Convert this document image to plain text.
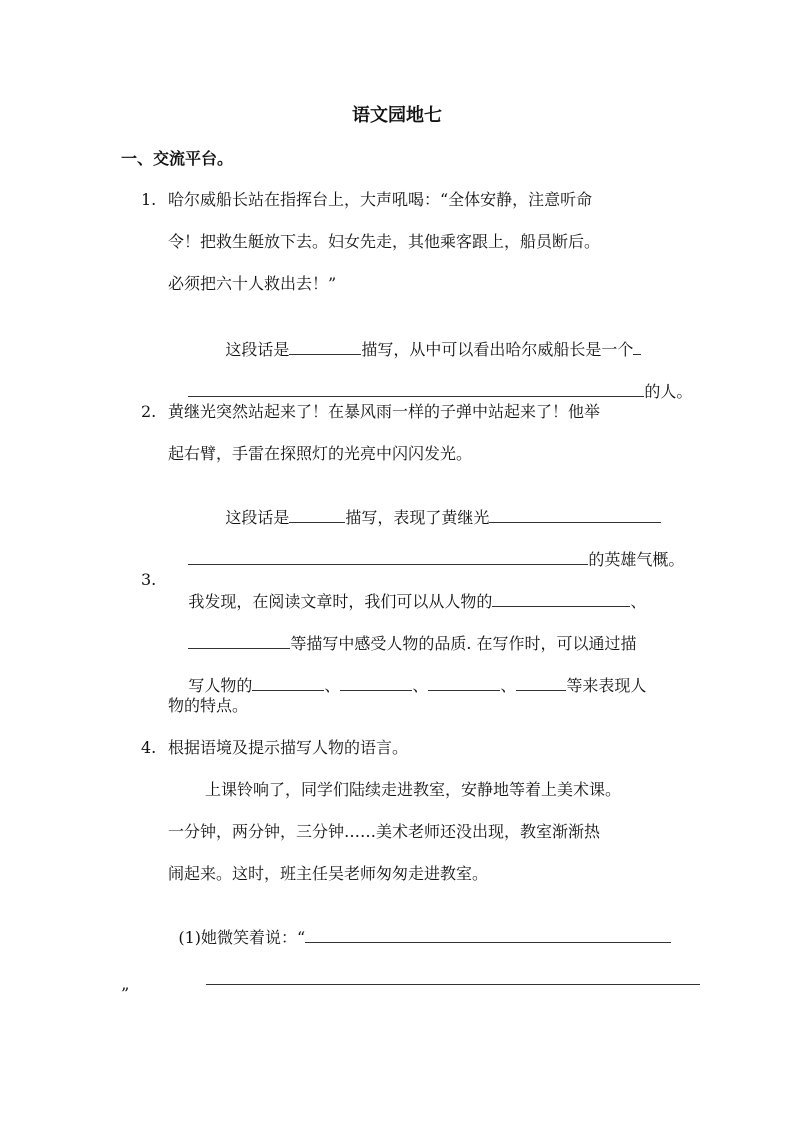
语文园地七
一、交流平台。
1. 哈尔威船长站在指挥台上，大声吼喝：“全体安静，注意听命
令！把救生艇放下去。妇女先走，其他乘客跟上，船员断后。
必须把六十人救出去！”

这段话是	描写，从中可以看出哈尔威船长是一个

的人。

2. 黄继光突然站起来了！在暴风雨一样的子弹中站起来了！他举
起右臂，手雷在探照灯的光亮中闪闪发光。

这段话是	描写，表现了黄继光

的英雄气概。

3.

我发现，在阅读文章时，我们可以从人物的	、

等描写中感受人物的品质. 在写作时，可以通过描

写人物的	、	、	、	等来表现人

物的特点。
4. 根据语境及提示描写人物的语言。
上课铃响了，同学们陆续走进教室，安静地等着上美术课。
一分钟，两分钟，三分钟……美术老师还没出现，教室渐渐热
闹起来。这时，班主任吴老师匆匆走进教室。

(1)她微笑着说：“

”
